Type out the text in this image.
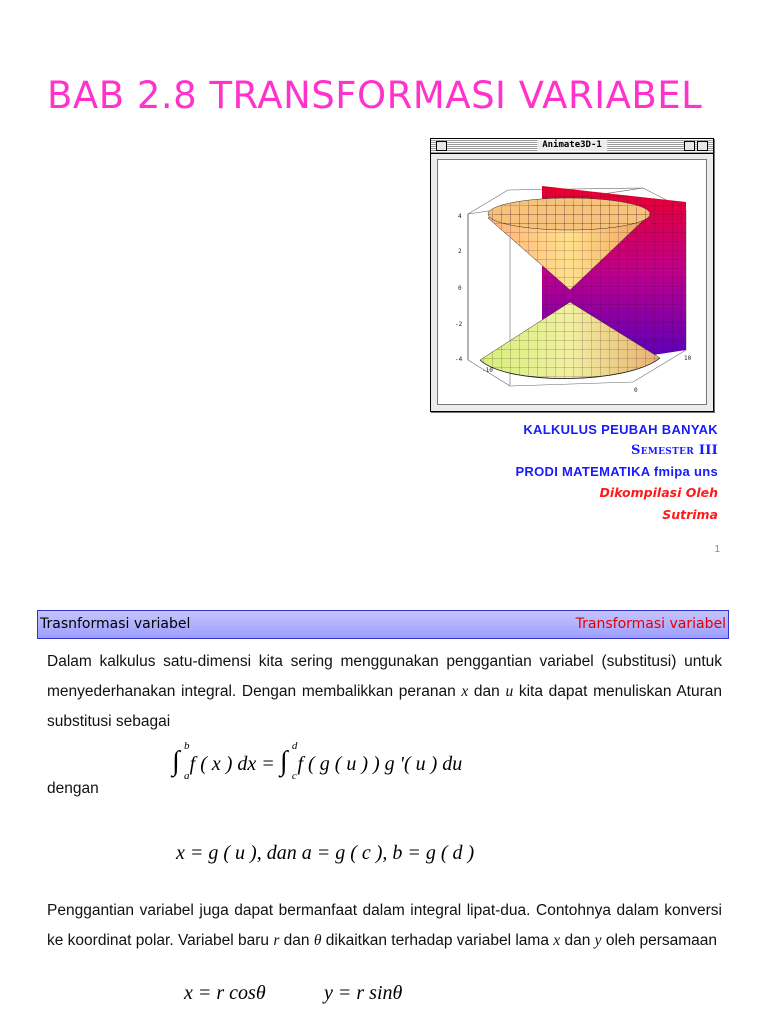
BAB 2.8 TRANSFORMASI VARIABEL
Animate3D-1
4
2
0
-2
-4
-10
0
10
KALKULUS PEUBAH BANYAK
Semester III
PRODI MATEMATIKA fmipa uns
Dikompilasi Oleh
Sutrima
1
Trasnformasi variabel	Transformasi variabel
Dalam kalkulus satu-dimensi kita sering menggunakan penggantian variabel (substitusi) untuk menyederhanakan integral. Dengan membalikkan peranan x dan u kita dapat menuliskan Aturan substitusi sebagai
∫ b
a
f ( x ) dx = ∫ d
c
f ( g ( u ) ) g '( u ) du
dengan
x = g ( u ), dan a = g ( c ), b = g ( d )
Penggantian variabel juga dapat bermanfaat dalam integral lipat-dua. Contohnya dalam konversi ke koordinat polar. Variabel baru r dan θ dikaitkan terhadap variabel lama x dan y oleh persamaan
x = r cosθ	y = r sinθ
